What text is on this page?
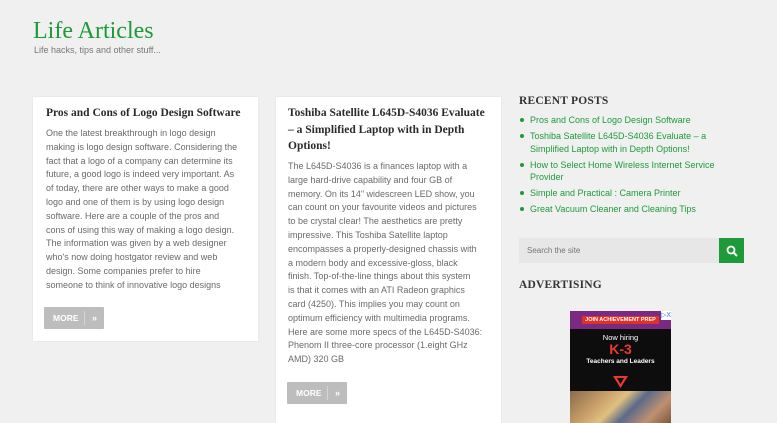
Life Articles
Life hacks, tips and other stuff...
Pros and Cons of Logo Design Software

One the latest breakthrough in logo design
making is logo design software. Considering the
fact that a logo of a company can determine its
future, a good logo is indeed very important. As
of today, there are other ways to make a good
logo and one of them is by using logo design
software. Here are a couple of the pros and
cons of using this way of making a logo design.
The information was given by a web designer
who's now doing hostgator review and web
design. Some companies prefer to hire
someone to think of innovative logo designs

MORE	»
Toshiba Satellite L645D-S4036 Evaluate
– a Simplified Laptop with in Depth
Options!

The L645D-S4036 is a finances laptop with a
large hard-drive capability and four GB of
memory. On its 14" widescreen LED show, you
can count on your favourite videos and pictures
to be crystal clear! The aesthetics are pretty
impressive. This Toshiba Satellite laptop
encompasses a properly-designed chassis with
a modern body and excessive-gloss, black
finish. Top-of-the-line things about this system
is that it comes with an ATI Radeon graphics
card (4250). This implies you may count on
optimum efficiency with multimedia programs.
Here are some more specs of the L645D-S4036:
Phenom II three-core processor (1.eight GHz
AMD) 320 GB

MORE	»
RECENT POSTS
Pros and Cons of Logo Design Software
Toshiba Satellite L645D-S4036 Evaluate – a
Simplified Laptop with in Depth Options!
How to Select Home Wireless Internet Service
Provider
Simple and Practical : Camera Printer
Great Vacuum Cleaner and Cleaning Tips
Search the site
ADVERTISING
JOIN ACHIEVEMENT PREP
▷X
Now hiring
K-3
Teachers and Leaders
